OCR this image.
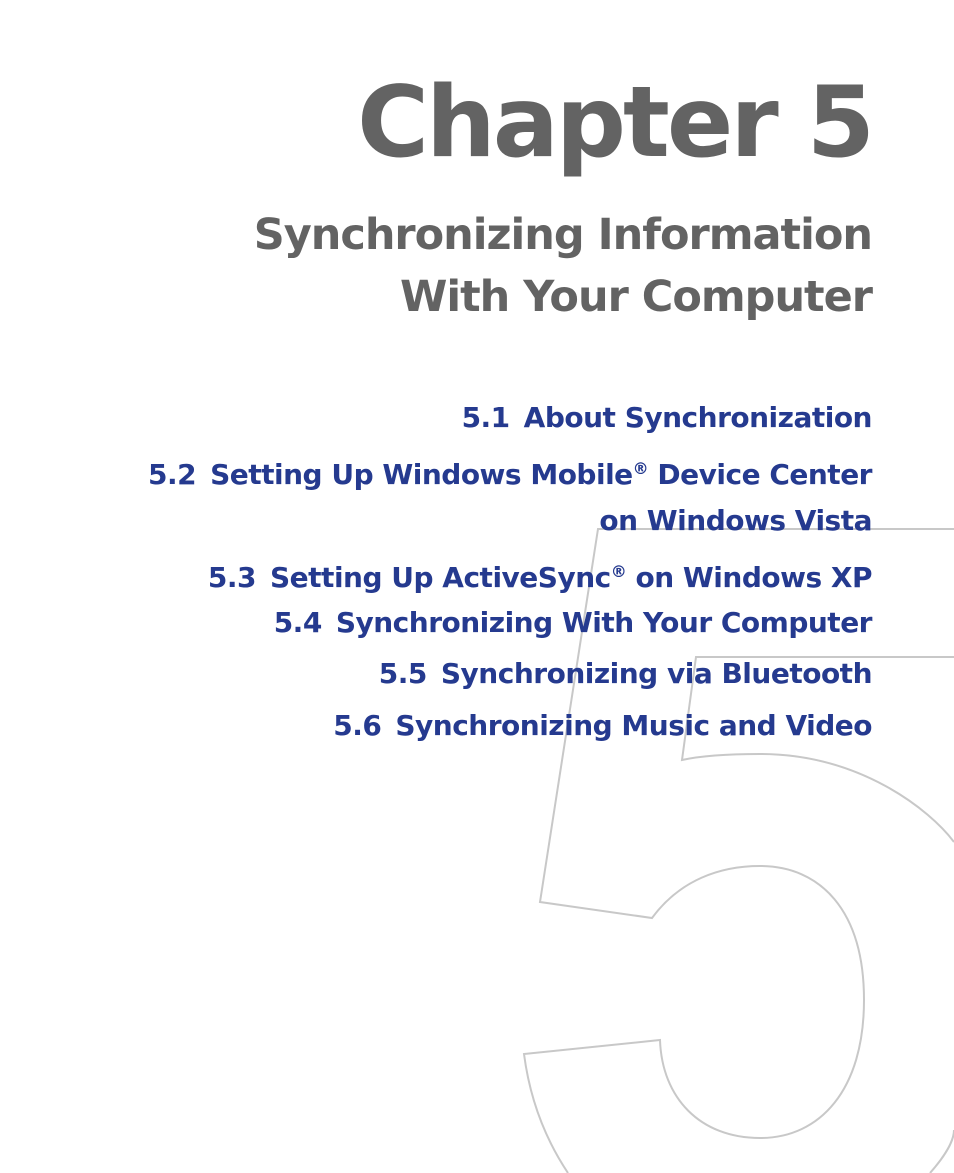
Chapter 5
Synchronizing Information
With Your Computer
5.1 About Synchronization
5.2 Setting Up Windows Mobile® Device Center
on Windows Vista
5.3 Setting Up ActiveSync® on Windows XP
5.4 Synchronizing With Your Computer
5.5 Synchronizing via Bluetooth
5.6 Synchronizing Music and Video
